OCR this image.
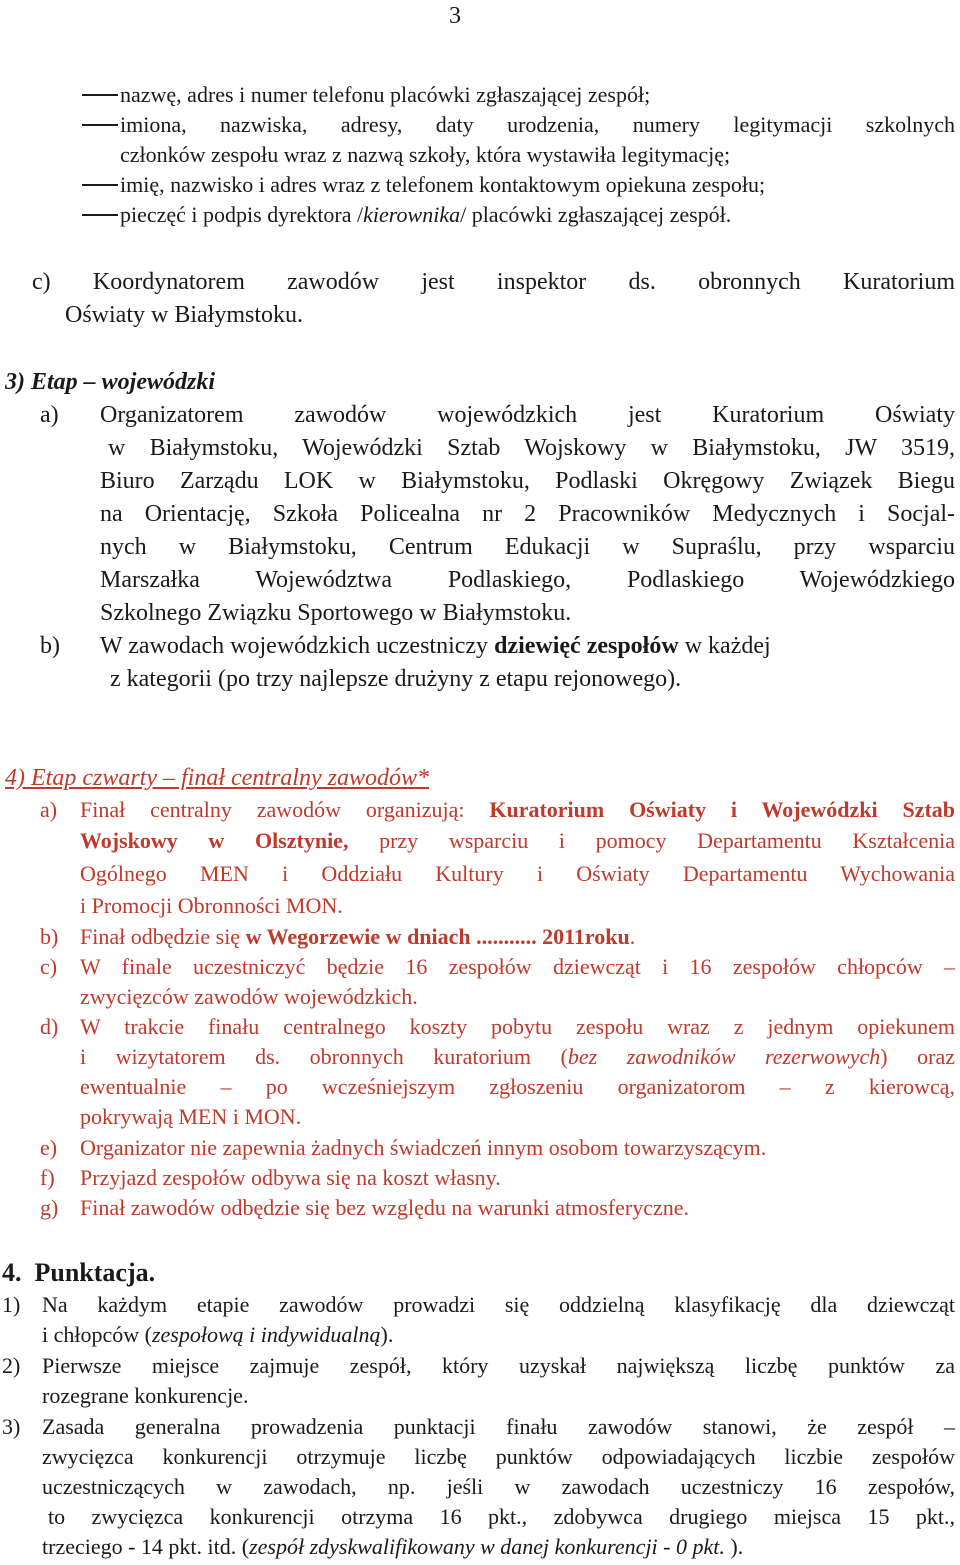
3
nazwę, adres i numer telefonu placówki zgłaszającej zespół;
imiona, nazwiska, adresy, daty urodzenia, numery legitymacji szkolnych
członków zespołu wraz z nazwą szkoły, która wystawiła legitymację;
imię, nazwisko i adres wraz z telefonem kontaktowym opiekuna zespołu;
pieczęć i podpis dyrektora /kierownika/ placówki zgłaszającej zespół.
c) Koordynatorem zawodów jest inspektor ds. obronnych Kuratorium
Oświaty w Białymstoku.
3) Etap – wojewódzki
a) Organizatorem zawodów wojewódzkich jest Kuratorium Oświaty
w Białymstoku, Wojewódzki Sztab Wojskowy w Białymstoku, JW 3519,
Biuro Zarządu LOK w Białymstoku, Podlaski Okręgowy Związek Biegu
na Orientację, Szkoła Policealna nr 2 Pracowników Medycznych i Socjal-
nych w Białymstoku, Centrum Edukacji w Supraślu, przy wsparciu
Marszałka Województwa Podlaskiego, Podlaskiego Wojewódzkiego
Szkolnego Związku Sportowego w Białymstoku.
b) W zawodach wojewódzkich uczestniczy dziewięć zespołów w każdej
z kategorii (po trzy najlepsze drużyny z etapu rejonowego).
4) Etap czwarty – finał centralny zawodów*
a) Finał centralny zawodów organizują: Kuratorium Oświaty i Wojewódzki Sztab
Wojskowy w Olsztynie, przy wsparciu i pomocy Departamentu Kształcenia
Ogólnego MEN i Oddziału Kultury i Oświaty Departamentu Wychowania
i Promocji Obronności MON.
b) Finał odbędzie się w Wegorzewie w dniach ........... 2011roku.
c) W finale uczestniczyć będzie 16 zespołów dziewcząt i 16 zespołów chłopców –
zwycięzców zawodów wojewódzkich.
d) W trakcie finału centralnego koszty pobytu zespołu wraz z jednym opiekunem
i wizytatorem ds. obronnych kuratorium (bez zawodników rezerwowych) oraz
ewentualnie – po wcześniejszym zgłoszeniu organizatorom – z kierowcą,
pokrywają MEN i MON.
e) Organizator nie zapewnia żadnych świadczeń innym osobom towarzyszącym.
f) Przyjazd zespołów odbywa się na koszt własny.
g) Finał zawodów odbędzie się bez względu na warunki atmosferyczne.
4. Punktacja.
1) Na każdym etapie zawodów prowadzi się oddzielną klasyfikację dla dziewcząt
i chłopców (zespołową i indywidualną).
2) Pierwsze miejsce zajmuje zespół, który uzyskał największą liczbę punktów za
rozegrane konkurencje.
3) Zasada generalna prowadzenia punktacji finału zawodów stanowi, że zespół –
zwycięzca konkurencji otrzymuje liczbę punktów odpowiadających liczbie zespołów
uczestniczących w zawodach, np. jeśli w zawodach uczestniczy 16 zespołów,
to zwycięzca konkurencji otrzyma 16 pkt., zdobywca drugiego miejsca 15 pkt.,
trzeciego - 14 pkt. itd. (zespół zdyskwalifikowany w danej konkurencji - 0 pkt. ).
